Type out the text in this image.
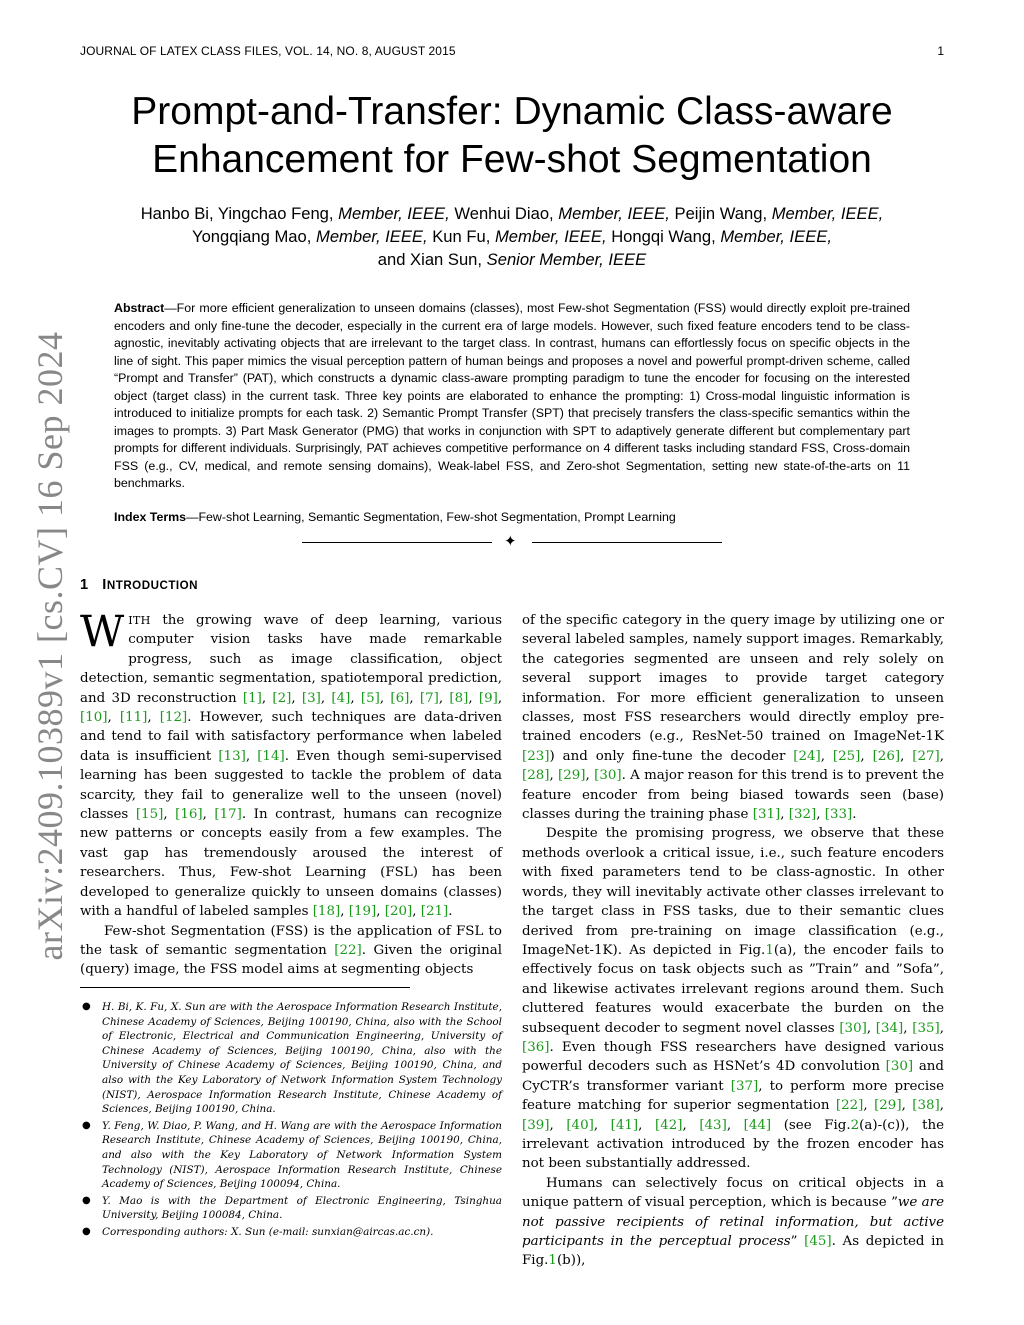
JOURNAL OF LATEX CLASS FILES, VOL. 14, NO. 8, AUGUST 2015	1
arXiv:2409.10389v1 [cs.CV] 16 Sep 2024
Prompt-and-Transfer: Dynamic Class-aware
Enhancement for Few-shot Segmentation
Hanbo Bi, Yingchao Feng, Member, IEEE, Wenhui Diao, Member, IEEE, Peijin Wang, Member, IEEE,
Yongqiang Mao, Member, IEEE, Kun Fu, Member, IEEE, Hongqi Wang, Member, IEEE,
and Xian Sun, Senior Member, IEEE
Abstract—For more efficient generalization to unseen domains (classes), most Few-shot Segmentation (FSS) would directly exploit pre-trained encoders and only fine-tune the decoder, especially in the current era of large models. However, such fixed feature encoders tend to be class-agnostic, inevitably activating objects that are irrelevant to the target class. In contrast, humans can effortlessly focus on specific objects in the line of sight. This paper mimics the visual perception pattern of human beings and proposes a novel and powerful prompt-driven scheme, called “Prompt and Transfer” (PAT), which constructs a dynamic class-aware prompting paradigm to tune the encoder for focusing on the interested object (target class) in the current task. Three key points are elaborated to enhance the prompting: 1) Cross-modal linguistic information is introduced to initialize prompts for each task. 2) Semantic Prompt Transfer (SPT) that precisely transfers the class-specific semantics within the images to prompts. 3) Part Mask Generator (PMG) that works in conjunction with SPT to adaptively generate different but complementary part prompts for different individuals. Surprisingly, PAT achieves competitive performance on 4 different tasks including standard FSS, Cross-domain FSS (e.g., CV, medical, and remote sensing domains), Weak-label FSS, and Zero-shot Segmentation, setting new state-of-the-arts on 11 benchmarks.
Index Terms—Few-shot Learning, Semantic Segmentation, Few-shot Segmentation, Prompt Learning
✦
1 INTRODUCTION

WITH the growing wave of deep learning, various computer vision tasks have made remarkable progress, such as image classification, object detection, semantic segmentation, spatiotemporal prediction, and 3D reconstruction [1], [2], [3], [4], [5], [6], [7], [8], [9], [10], [11], [12]. However, such techniques are data-driven and tend to fail with satisfactory performance when labeled data is insufficient [13], [14]. Even though semi-supervised learning has been suggested to tackle the problem of data scarcity, they fail to generalize well to the unseen (novel) classes [15], [16], [17]. In contrast, humans can recognize new patterns or concepts easily from a few examples. The vast gap has tremendously aroused the interest of researchers. Thus, Few-shot Learning (FSL) has been developed to generalize quickly to unseen domains (classes) with a handful of labeled samples [18], [19], [20], [21].

Few-shot Segmentation (FSS) is the application of FSL to the task of semantic segmentation [22]. Given the original (query) image, the FSS model aims at segmenting objects

● H. Bi, K. Fu, X. Sun are with the Aerospace Information Research Institute, Chinese Academy of Sciences, Beijing 100190, China, also with the School of Electronic, Electrical and Communication Engineering, University of Chinese Academy of Sciences, Beijing 100190, China, also with the University of Chinese Academy of Sciences, Beijing 100190, China, and also with the Key Laboratory of Network Information System Technology (NIST), Aerospace Information Research Institute, Chinese Academy of Sciences, Beijing 100190, China.
● Y. Feng, W. Diao, P. Wang, and H. Wang are with the Aerospace Information Research Institute, Chinese Academy of Sciences, Beijing 100190, China, and also with the Key Laboratory of Network Information System Technology (NIST), Aerospace Information Research Institute, Chinese Academy of Sciences, Beijing 100094, China.
● Y. Mao is with the Department of Electronic Engineering, Tsinghua University, Beijing 100084, China.
● Corresponding authors: X. Sun (e-mail: sunxian@aircas.ac.cn).

of the specific category in the query image by utilizing one or several labeled samples, namely support images. Remarkably, the categories segmented are unseen and rely solely on several support images to provide target category information. For more efficient generalization to unseen classes, most FSS researchers would directly employ pre-trained encoders (e.g., ResNet-50 trained on ImageNet-1K [23]) and only fine-tune the decoder [24], [25], [26], [27], [28], [29], [30]. A major reason for this trend is to prevent the feature encoder from being biased towards seen (base) classes during the training phase [31], [32], [33].

Despite the promising progress, we observe that these methods overlook a critical issue, i.e., such feature encoders with fixed parameters tend to be class-agnostic. In other words, they will inevitably activate other classes irrelevant to the target class in FSS tasks, due to their semantic clues derived from pre-training on image classification (e.g., ImageNet-1K). As depicted in Fig.1(a), the encoder fails to effectively focus on task objects such as ”Train” and ”Sofa”, and likewise activates irrelevant regions around them. Such cluttered features would exacerbate the burden on the subsequent decoder to segment novel classes [30], [34], [35], [36]. Even though FSS researchers have designed various powerful decoders such as HSNet’s 4D convolution [30] and CyCTR’s transformer variant [37], to perform more precise feature matching for superior segmentation [22], [29], [38], [39], [40], [41], [42], [43], [44] (see Fig.2(a)-(c)), the irrelevant activation introduced by the frozen encoder has not been substantially addressed.

Humans can selectively focus on critical objects in a unique pattern of visual perception, which is because ”we are not passive recipients of retinal information, but active participants in the perceptual process” [45]. As depicted in Fig.1(b)),
